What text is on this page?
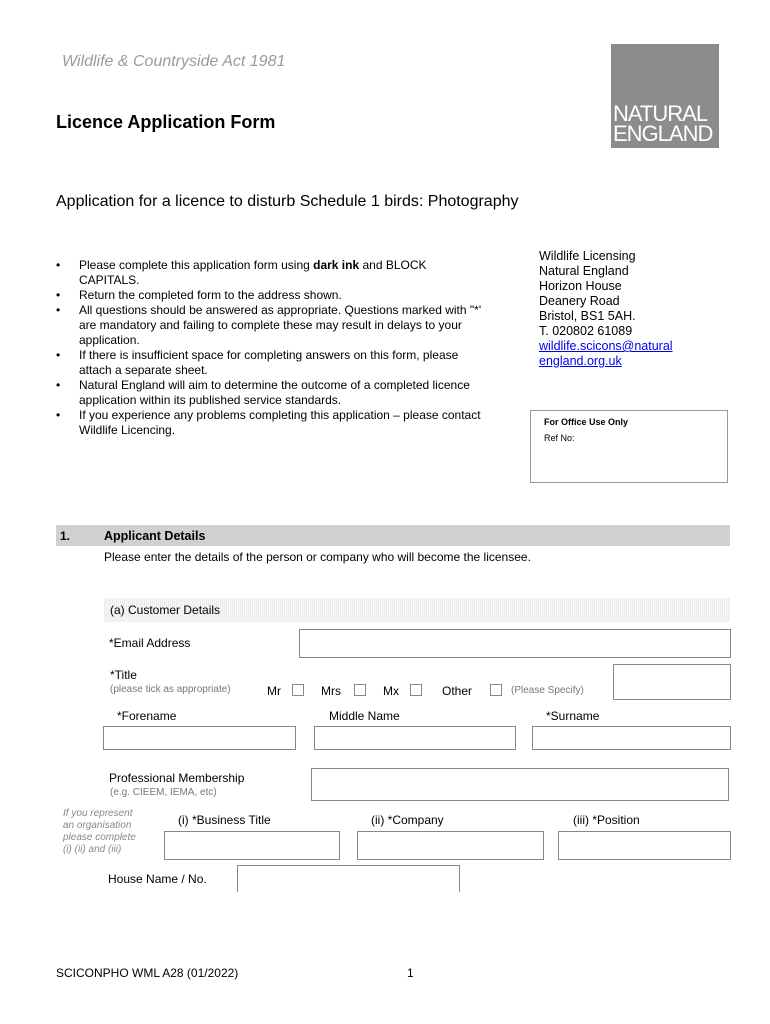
Wildlife & Countryside Act 1981
Licence Application Form	NATURAL
ENGLAND
Application for a licence to disturb Schedule 1 birds: Photography
• Please complete this application form using dark ink and BLOCK CAPITALS.
• Return the completed form to the address shown.
• All questions should be answered as appropriate. Questions marked with "*' are mandatory and failing to complete these may result in delays to your application.
• If there is insufficient space for completing answers on this form, please attach a separate sheet.
• Natural England will aim to determine the outcome of a completed licence application within its published service standards.
• If you experience any problems completing this application – please contact Wildlife Licencing.
Wildlife Licensing
Natural England
Horizon House
Deanery Road
Bristol, BS1 5AH.
T. 020802 61089
wildlife.scicons@natural
england.org.uk
For Office Use Only
Ref No:
1.	Applicant Details
Please enter the details of the person or company who will become the licensee.
(a) Customer Details
*Email Address
*Title
(please tick as appropriate)	Mr	Mrs	Mx	Other	(Please Specify)
*Forename	Middle Name	*Surname
Professional Membership
(e.g. CIEEM, IEMA, etc)
If you represent
an organisation
please complete
(i) (ii) and (iii)
(i) *Business Title	(ii) *Company	(iii) *Position
House Name / No.
SCICONPHO WML A28 (01/2022)	1
